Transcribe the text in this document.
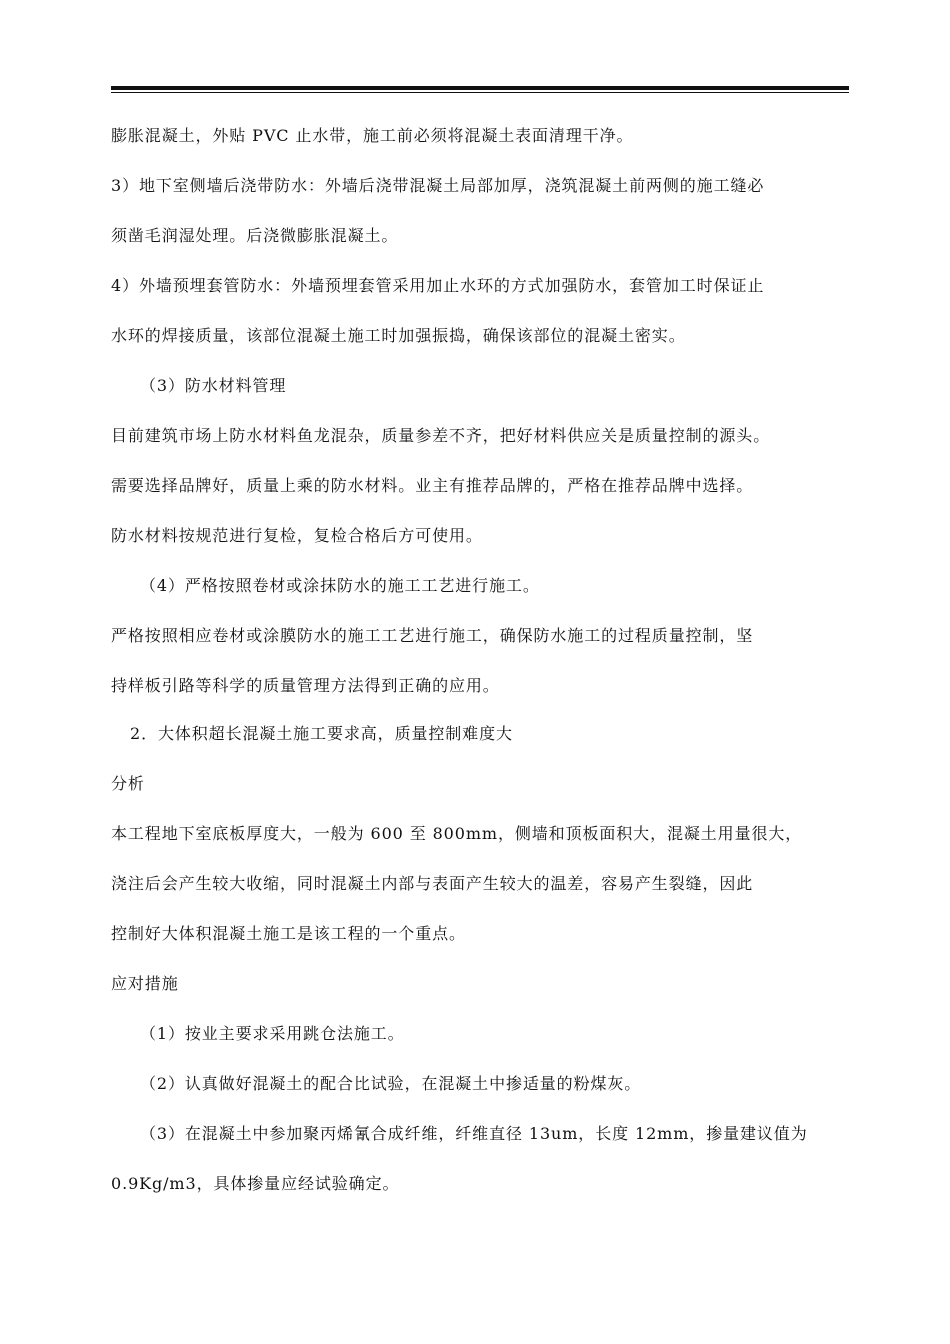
膨胀混凝土，外贴 PVC 止水带，施工前必须将混凝土表面清理干净。
3）地下室侧墙后浇带防水：外墙后浇带混凝土局部加厚，浇筑混凝土前两侧的施工缝必
须凿毛润湿处理。后浇微膨胀混凝土。
4）外墙预埋套管防水：外墙预埋套管采用加止水环的方式加强防水，套管加工时保证止
水环的焊接质量，该部位混凝土施工时加强振捣，确保该部位的混凝土密实。
（3）防水材料管理
目前建筑市场上防水材料鱼龙混杂，质量参差不齐，把好材料供应关是质量控制的源头。
需要选择品牌好，质量上乘的防水材料。业主有推荐品牌的，严格在推荐品牌中选择。
防水材料按规范进行复检，复检合格后方可使用。
（4）严格按照卷材或涂抹防水的施工工艺进行施工。
严格按照相应卷材或涂膜防水的施工工艺进行施工，确保防水施工的过程质量控制，坚
持样板引路等科学的质量管理方法得到正确的应用。
2．大体积超长混凝土施工要求高，质量控制难度大
分析
本工程地下室底板厚度大，一般为 600 至 800mm，侧墙和顶板面积大，混凝土用量很大，
浇注后会产生较大收缩，同时混凝土内部与表面产生较大的温差，容易产生裂缝，因此
控制好大体积混凝土施工是该工程的一个重点。
应对措施
（1）按业主要求采用跳仓法施工。
（2）认真做好混凝土的配合比试验，在混凝土中掺适量的粉煤灰。
（3）在混凝土中参加聚丙烯氰合成纤维，纤维直径 13um，长度 12mm，掺量建议值为
0.9Kg/m3，具体掺量应经试验确定。
